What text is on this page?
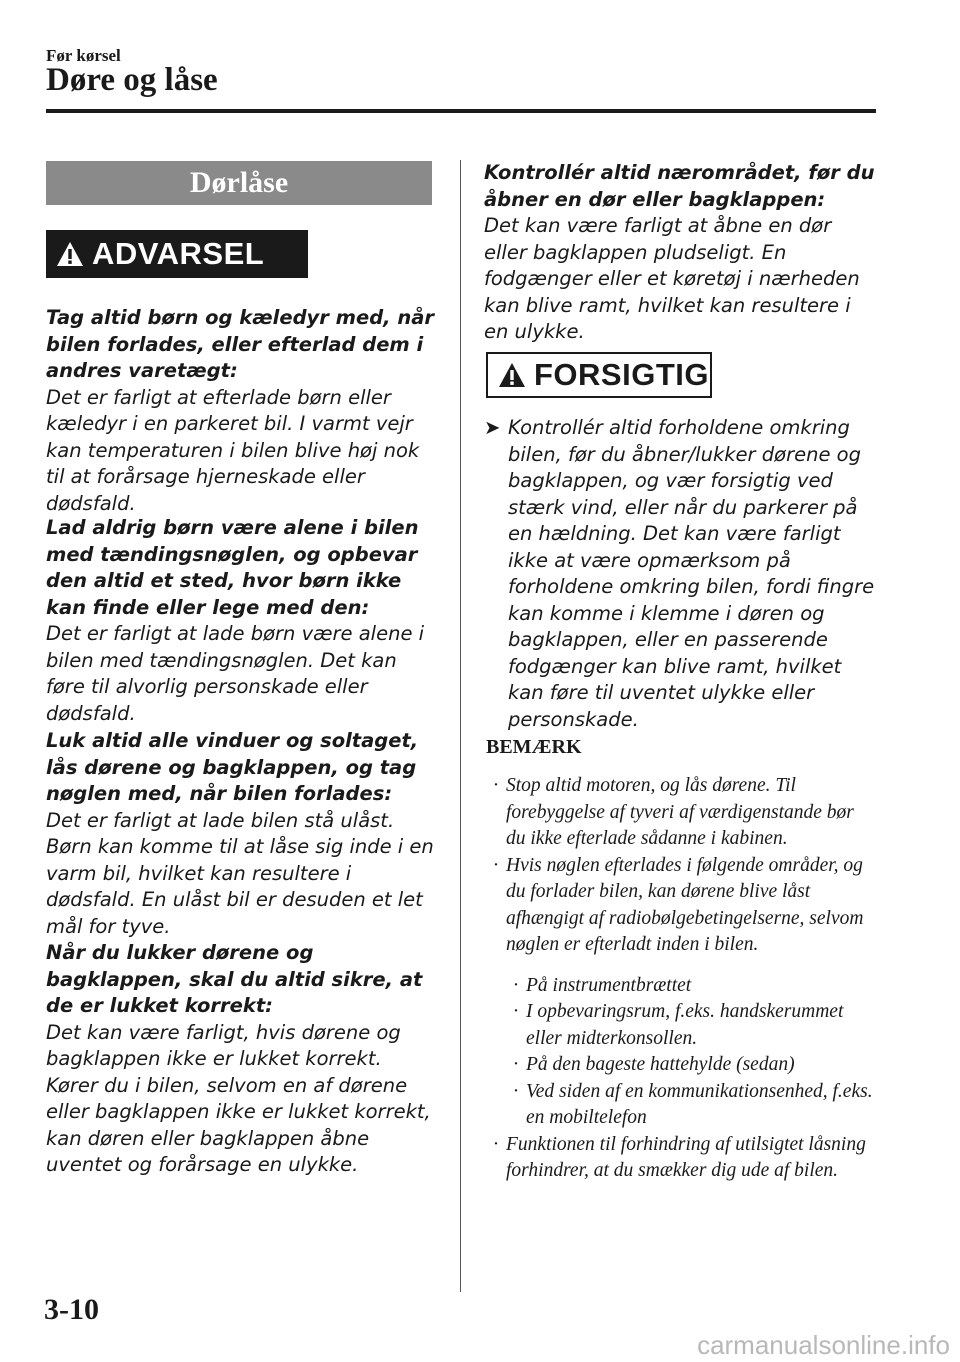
Før kørsel
Døre og låse
Dørlåse
ADVARSEL
Tag altid børn og kæledyr med, når bilen forlades, eller efterlad dem i andres varetægt:
Det er farligt at efterlade børn eller kæledyr i en parkeret bil. I varmt vejr kan temperaturen i bilen blive høj nok til at forårsage hjerneskade eller dødsfald.
Lad aldrig børn være alene i bilen med tændingsnøglen, og opbevar den altid et sted, hvor børn ikke kan finde eller lege med den:
Det er farligt at lade børn være alene i bilen med tændingsnøglen. Det kan føre til alvorlig personskade eller dødsfald.
Luk altid alle vinduer og soltaget, lås dørene og bagklappen, og tag nøglen med, når bilen forlades:
Det er farligt at lade bilen stå ulåst. Børn kan komme til at låse sig inde i en varm bil, hvilket kan resultere i dødsfald. En ulåst bil er desuden et let mål for tyve.
Når du lukker dørene og bagklappen, skal du altid sikre, at de er lukket korrekt:
Det kan være farligt, hvis dørene og bagklappen ikke er lukket korrekt. Kører du i bilen, selvom en af dørene eller bagklappen ikke er lukket korrekt, kan døren eller bagklappen åbne uventet og forårsage en ulykke.
Kontrollér altid nærområdet, før du åbner en dør eller bagklappen:
Det kan være farligt at åbne en dør eller bagklappen pludseligt. En fodgænger eller et køretøj i nærheden kan blive ramt, hvilket kan resultere i en ulykke.
FORSIGTIG
➤ Kontrollér altid forholdene omkring bilen, før du åbner/lukker dørene og bagklappen, og vær forsigtig ved stærk vind, eller når du parkerer på en hældning. Det kan være farligt ikke at være opmærksom på forholdene omkring bilen, fordi fingre kan komme i klemme i døren og bagklappen, eller en passerende fodgænger kan blive ramt, hvilket kan føre til uventet ulykke eller personskade.
BEMÆRK
· Stop altid motoren, og lås dørene. Til forebyggelse af tyveri af værdigenstande bør du ikke efterlade sådanne i kabinen.
· Hvis nøglen efterlades i følgende områder, og du forlader bilen, kan dørene blive låst afhængigt af radiobølgebetingelserne, selvom nøglen er efterladt inden i bilen.
· På instrumentbrættet
· I opbevaringsrum, f.eks. handskerummet eller midterkonsollen.
· På den bageste hattehylde (sedan)
· Ved siden af en kommunikationsenhed, f.eks. en mobiltelefon
· Funktionen til forhindring af utilsigtet låsning forhindrer, at du smækker dig ude af bilen.
3-10
carmanualsonline.info
